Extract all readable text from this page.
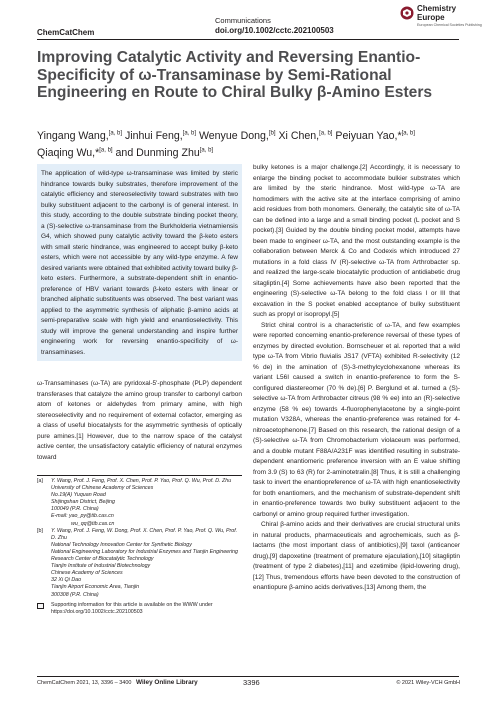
Communications
ChemCatChem	doi.org/10.1002/cctc.202100503
Chemistry
Europe
European Chemical Societies Publishing
Improving Catalytic Activity and Reversing Enantio-Specificity of ω-Transaminase by Semi-Rational Engineering en Route to Chiral Bulky β-Amino Esters
Yingang Wang,[a, b] Jinhui Feng,[a, b] Wenyue Dong,[b] Xi Chen,[a, b] Peiyuan Yao,*[a, b]
Qiaqing Wu,*[a, b] and Dunming Zhu[a, b]
The application of wild-type ω-transaminase was limited by steric hindrance towards bulky substrates, therefore improvement of the catalytic efficiency and stereoselectivity toward substrates with two bulky substituent adjacent to the carbonyl is of general interest. In this study, according to the double substrate binding pocket theory, a (S)-selective ω-transaminase from the Burkholderia vietnamiensis G4, which showed puny catalytic activity toward the β-keto esters with small steric hindrance, was engineered to accept bulky β-keto esters, which were not accessible by any wild-type enzyme. A few desired variants were obtained that exhibited activity toward bulky β-keto esters. Furthermore, a substrate-dependent shift in enantio-preference of HBV variant towards β-keto esters with linear or branched aliphatic substituents was observed. The best variant was applied to the asymmetric synthesis of aliphatic β-amino acids at semi-preparative scale with high yield and enantioselectivity. This study will improve the general understanding and inspire further engineering work for reversing enantio-specificity of ω-transaminases.
ω-Transaminases (ω-TA) are pyridoxal-5'-phosphate (PLP) dependent transferases that catalyze the amino group transfer to carbonyl carbon atom of ketones or aldehydes from primary amine, with high stereoselectivity and no requirement of external cofactor, emerging as a class of useful biocatalysts for the asymmetric synthesis of optically pure amines.[1] However, due to the narrow space of the catalyst active center, the unsatisfactory catalytic efficiency of natural enzymes toward
[a] Y. Wang, Prof. J. Feng, Prof. X. Chen, Prof. P. Yao, Prof. Q. Wu, Prof. D. Zhu
University of Chinese Academy of Sciences
No.19(A) Yuquan Road
Shijingshan District, Beijing
100049 (P.R. China)
E-mail: yao_py@tib.cas.cn
wu_qq@tib.cas.cn
[b] Y. Wang, Prof. J. Feng, W. Dong, Prof. X. Chen, Prof. P. Yao, Prof. Q. Wu, Prof. D. Zhu
National Technology Innovation Center for Synthetic Biology
National Engineering Laboratory for Industrial Enzymes and Tianjin Engineering Research Center of Biocatalytic Technology
Tianjin Institute of Industrial Biotechnology
Chinese Academy of Sciences
32 Xi Qi Dao
Tianjin Airport Economic Area, Tianjin
300308 (P.R. China)
Supporting information for this article is available on the WWW under https://doi.org/10.1002/cctc.202100503

bulky ketones is a major challenge.[2] Accordingly, it is necessary to enlarge the binding pocket to accommodate bulkier substrates which are limited by the steric hindrance. Most wild-type ω-TA are homodimers with the active site at the interface comprising of amino acid residues from both monomers. Generally, the catalytic site of ω-TA can be defined into a large and a small binding pocket (L pocket and S pocket).[3] Guided by the double binding pocket model, attempts have been made to engineer ω-TA, and the most outstanding example is the collaboration between Merck & Co and Codexis which introduced 27 mutations in a fold class IV (R)-selective ω-TA from Arthrobacter sp. and realized the large-scale biocatalytic production of antidiabetic drug sitagliptin.[4] Some achievements have also been reported that the engineering (S)-selective ω-TA belong to the fold class I or III that excavation in the S pocket enabled acceptance of bulky substituent such as propyl or isopropyl.[5]

Strict chiral control is a characteristic of ω-TA, and few examples were reported concerning enantio-preference reversal of these types of enzymes by directed evolution. Bornscheuer et al. reported that a wild type ω-TA from Vibrio fluvialis JS17 (VFTA) exhibited R-selectivity (12 % de) in the amination of (S)-3-methylcyclohexanone whereas its variant L56I caused a switch in enantio-preference to form the S-configured diastereomer (70 % de).[6] P. Berglund et al. turned a (S)-selective ω-TA from Arthrobacter citreus (98 % ee) into an (R)-selective enzyme (58 % ee) towards 4-fluorophenylacetone by a single-point mutation V328A, whereas the enantio-preference was retained for 4-nitroacetophenone.[7] Based on this research, the rational design of a (S)-selective ω-TA from Chromobacterium violaceum was performed, and a double mutant F88A/A231F was identified resulting in substrate-dependent enantiomeric preference inversion with an E value shifting from 3.9 (S) to 63 (R) for 2-aminotetralin.[8] Thus, it is still a challenging task to invert the enantiopreference of ω-TA with high enantioselectivity for both enantiomers, and the mechanism of substrate-dependent shift in enantio-preference towards two bulky substituent adjacent to the carbonyl or amino group required further investigation.

Chiral β-amino acids and their derivatives are crucial structural units in natural products, pharmaceuticals and agrochemicals, such as β-lactams (the most important class of antibiotics),[9] taxol (anticancer drug),[9] dapoxetine (treatment of premature ejaculation),[10] sitagliptin (treatment of type 2 diabetes),[11] and ezetimibe (lipid-lowering drug),[12] Thus, tremendous efforts have been devoted to the construction of enantiopure β-amino acids derivatives.[13] Among them, the

ChemCatChem 2021, 13, 3396 – 3400 Wiley Online Library	3396	© 2021 Wiley-VCH GmbH
